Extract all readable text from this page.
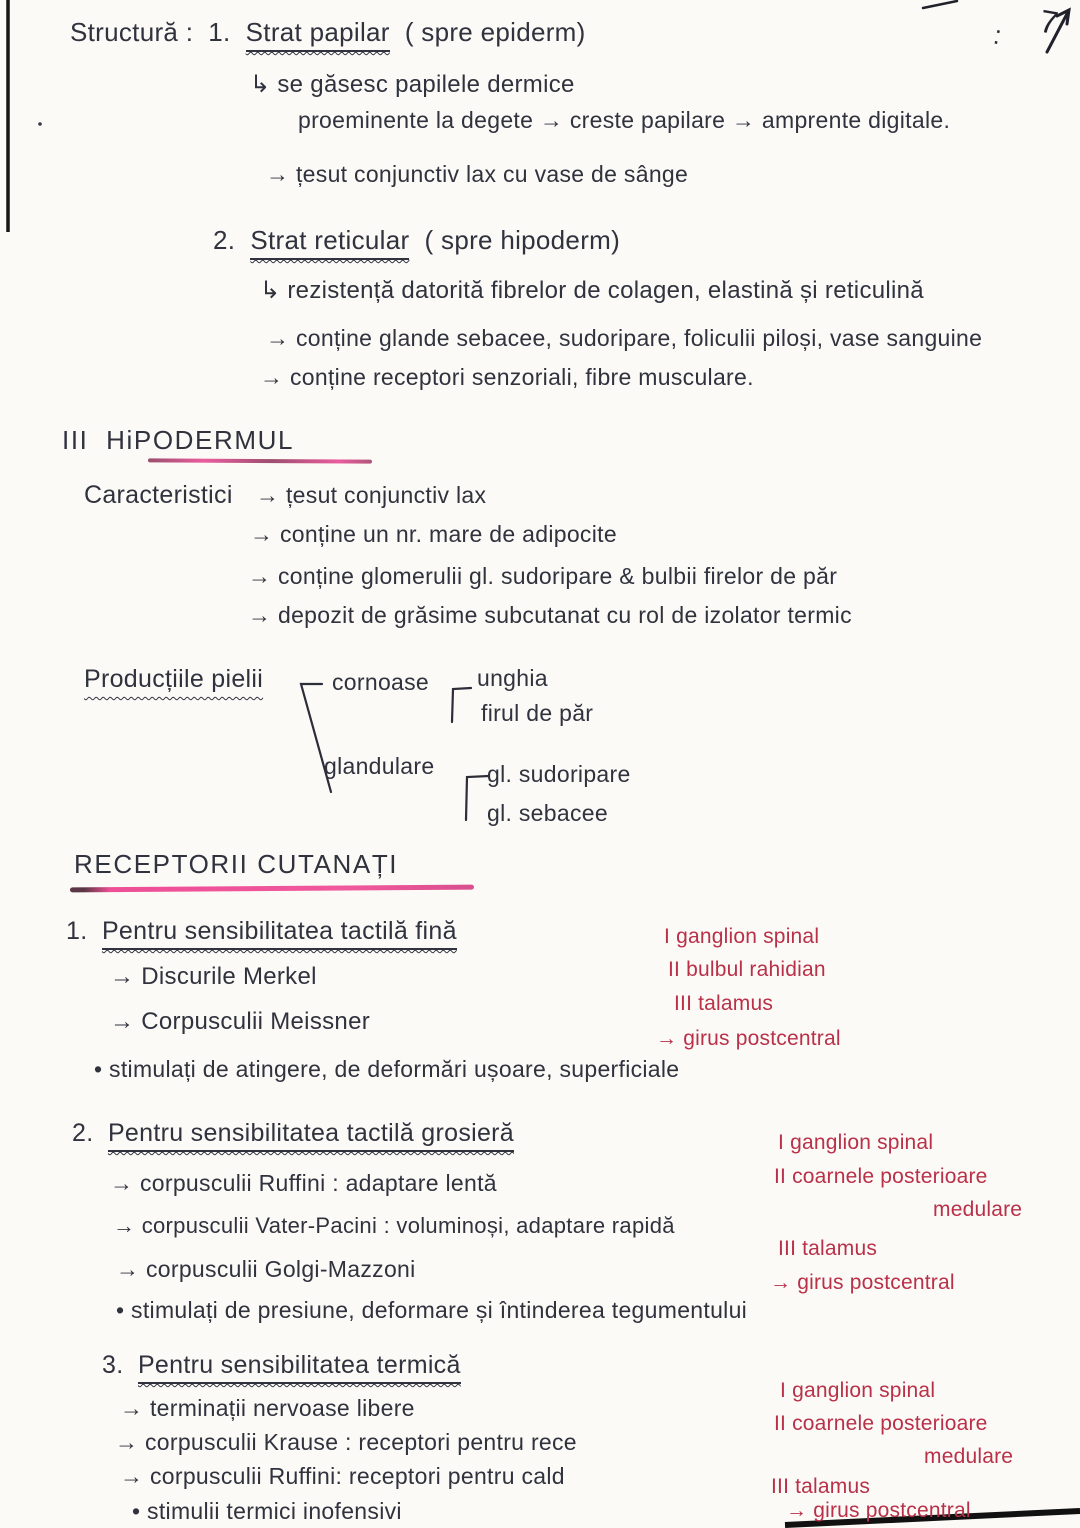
7
:
Structură : 1. Strat papilar ( spre epiderm)
↳ se găsesc papilele dermice
proeminente la degete → creste papilare → amprente digitale.
→ țesut conjunctiv lax cu vase de sânge
2. Strat reticular ( spre hipoderm)
↳ rezistență datorită fibrelor de colagen, elastină și reticulină
→ conține glande sebacee, sudoripare, foliculii piloși, vase sanguine
→ conține receptori senzoriali, fibre musculare.
III HiPODERMUL
Caracteristici → țesut conjunctiv lax
→ conține un nr. mare de adipocite
→ conține glomerulii gl. sudoripare & bulbii firelor de păr
→ depozit de grăsime subcutanat cu rol de izolator termic
Producțiile pielii	cornoase unghia
firul de păr
glandulare gl. sudoripare
gl. sebacee
RECEPTORII CUTANAȚI
1. Pentru sensibilitatea tactilă fină
→ Discurile Merkel
→ Corpusculii Meissner
• stimulați de atingere, de deformări ușoare, superficiale
I ganglion spinal
II bulbul rahidian
III talamus
→ girus postcentral
2. Pentru sensibilitatea tactilă grosieră
→ corpusculii Ruffini : adaptare lentă
→ corpusculii Vater-Pacini : voluminoși, adaptare rapidă
→ corpusculii Golgi-Mazzoni
• stimulați de presiune, deformare și întinderea tegumentului
I ganglion spinal
II coarnele posterioare
medulare
III talamus
→ girus postcentral
3. Pentru sensibilitatea termică
→ terminații nervoase libere
→ corpusculii Krause : receptori pentru rece
→ corpusculii Ruffini: receptori pentru cald
• stimulii termici inofensivi
I ganglion spinal
II coarnele posterioare
medulare
III talamus
→ girus postcentral
